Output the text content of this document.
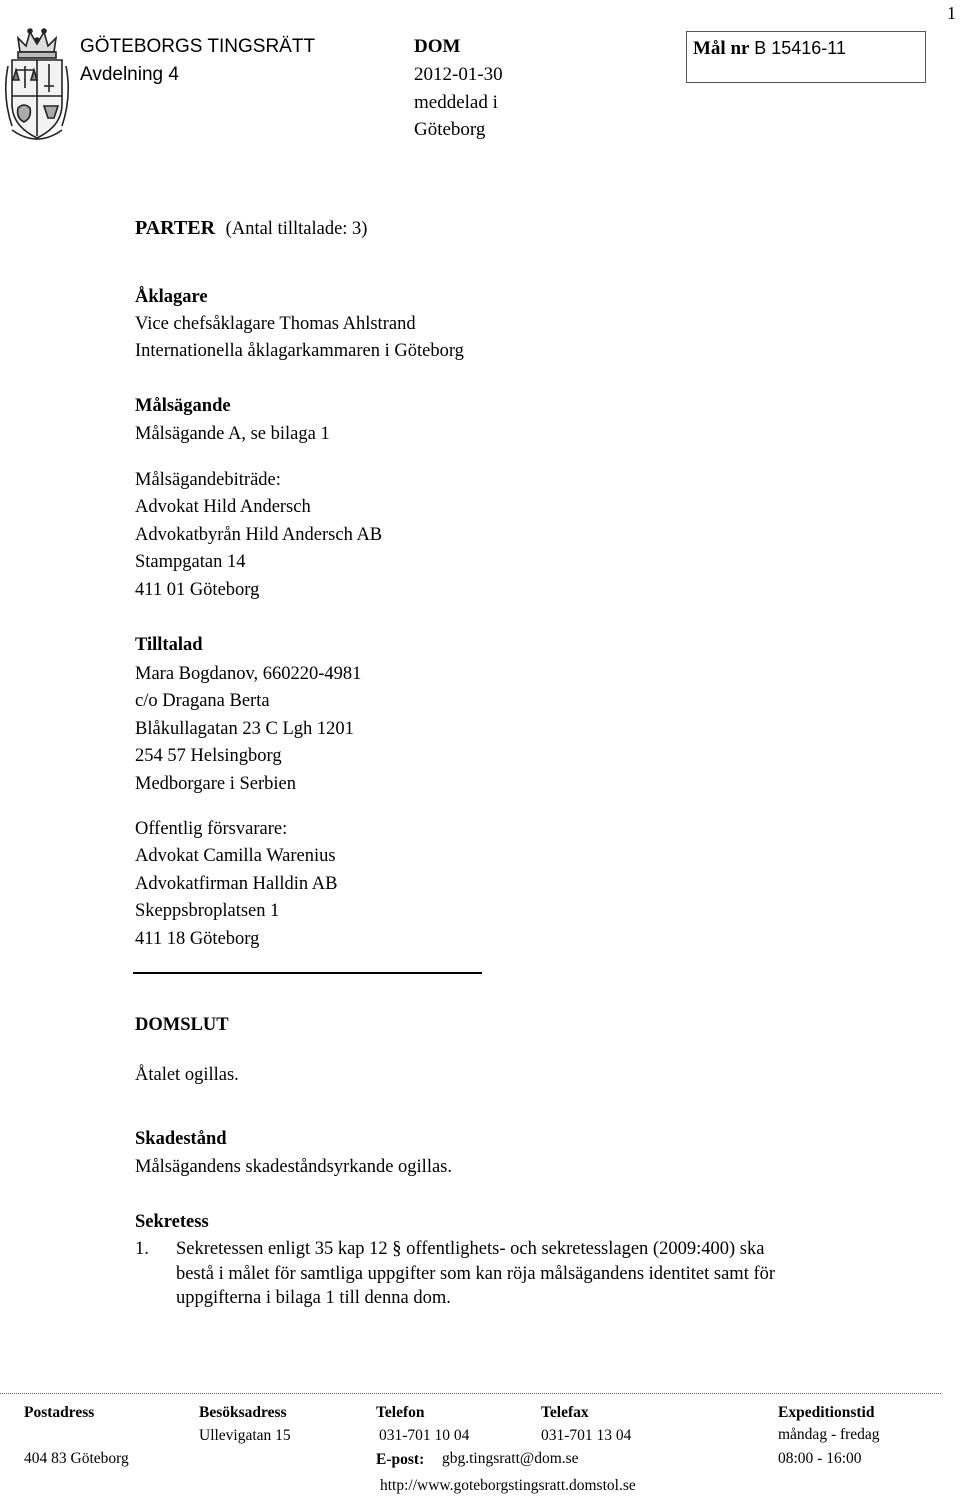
1
GÖTEBORGS TINGSRÄTT
Avdelning 4
DOM
2012-01-30
meddelad i
Göteborg
Mål nr B 15416-11
PARTER (Antal tilltalade: 3)
Åklagare
Vice chefsåklagare Thomas Ahlstrand
Internationella åklagarkammaren i Göteborg
Målsägande
Målsägande A, se bilaga 1
Målsägandebiträde:
Advokat Hild Andersch
Advokatbyrån Hild Andersch AB
Stampgatan 14
411 01 Göteborg
Tilltalad
Mara Bogdanov, 660220-4981
c/o Dragana Berta
Blåkullagatan 23 C Lgh 1201
254 57 Helsingborg
Medborgare i Serbien
Offentlig försvarare:
Advokat Camilla Warenius
Advokatfirman Halldin AB
Skeppsbroplatsen 1
411 18 Göteborg
DOMSLUT
Åtalet ogillas.
Skadestånd
Målsägandens skadeståndsyrkande ogillas.
Sekretess
1. Sekretessen enligt 35 kap 12 § offentlighets- och sekretesslagen (2009:400) ska
bestå i målet för samtliga uppgifter som kan röja målsägandens identitet samt för
uppgifterna i bilaga 1 till denna dom.
Postadress
404 83 Göteborg
Besöksadress
Ullevigatan 15
Telefon
031-701 10 04
Telefax
031-701 13 04
E-post: gbg.tingsratt@dom.se
http://www.goteborgstingsratt.domstol.se
Expeditionstid
måndag - fredag
08:00 - 16:00
